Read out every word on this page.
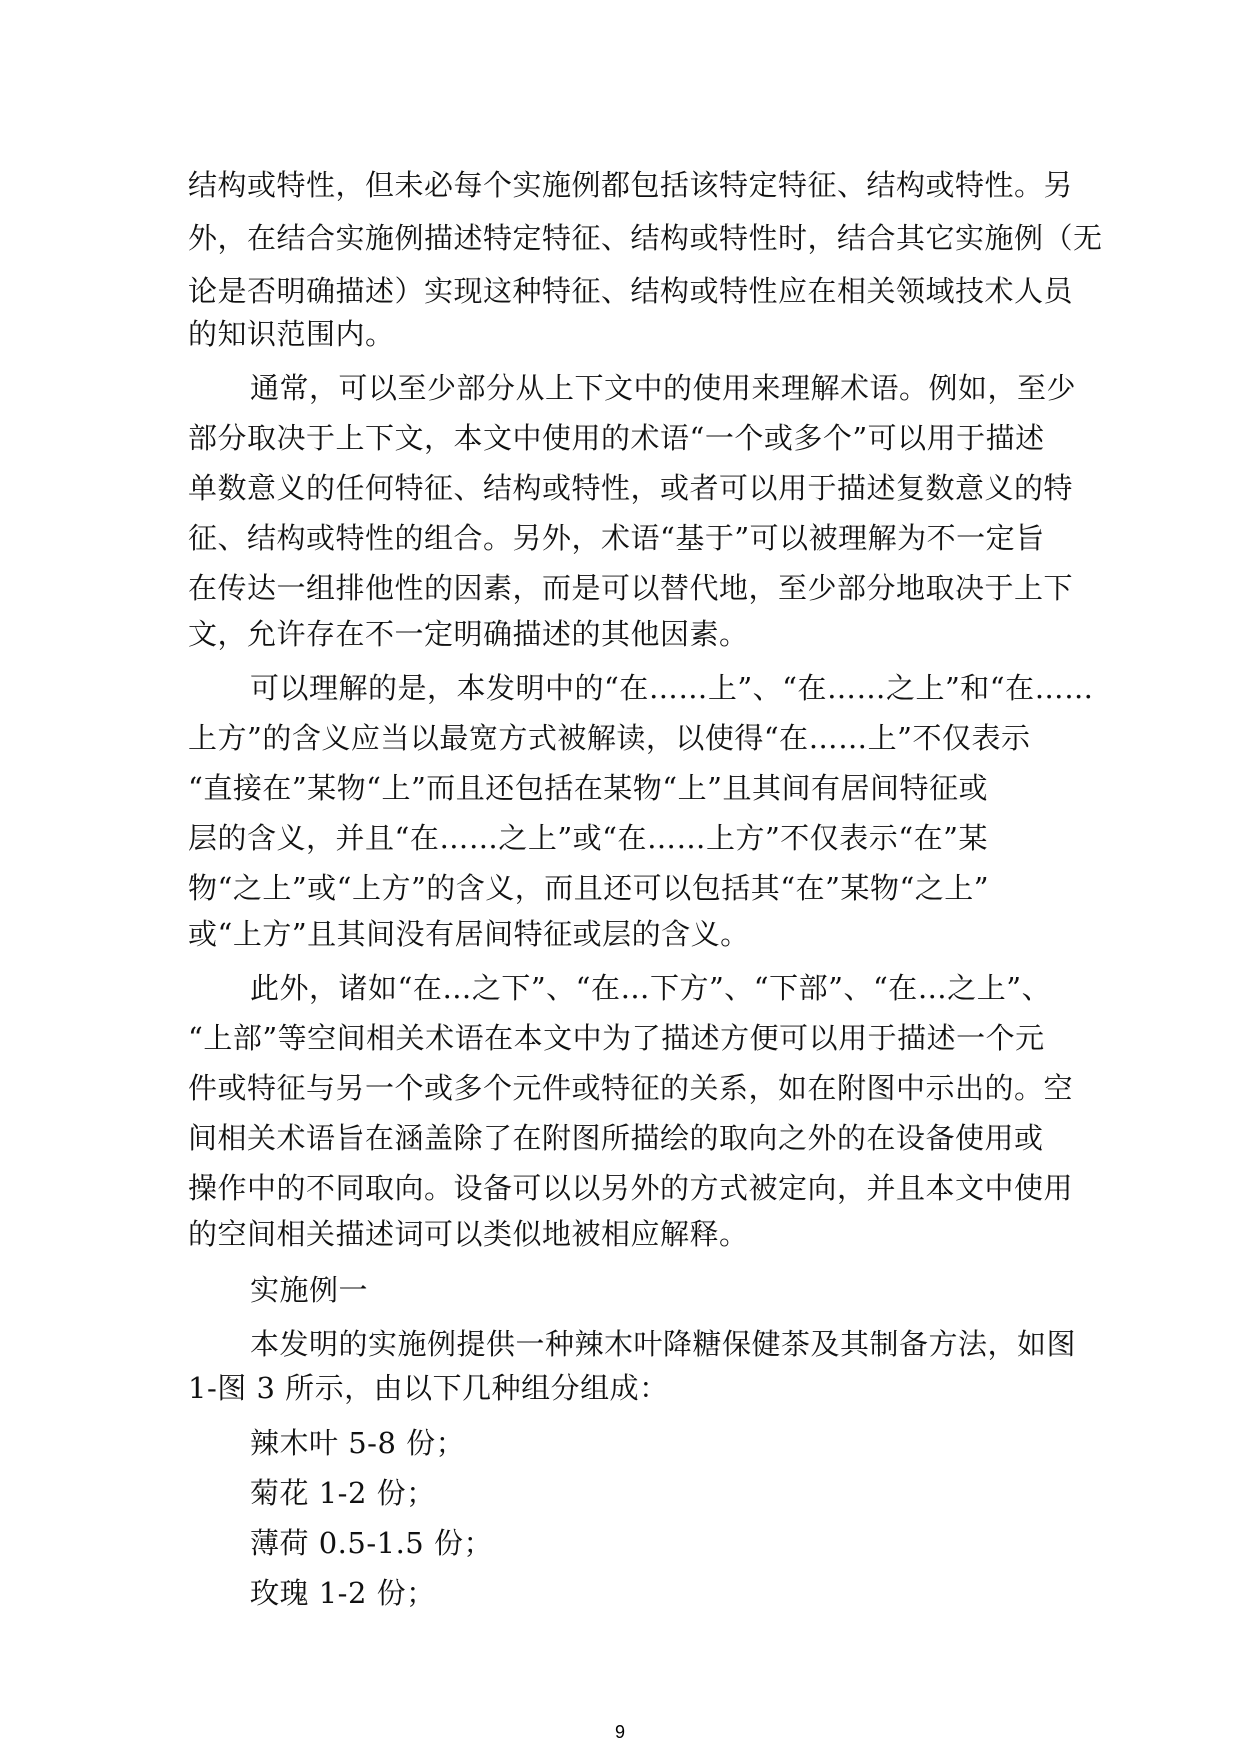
结构或特性，但未必每个实施例都包括该特定特征、结构或特性。另

外，在结合实施例描述特定特征、结构或特性时，结合其它实施例（无

论是否明确描述）实现这种特征、结构或特性应在相关领域技术人员

的知识范围内。

通常，可以至少部分从上下文中的使用来理解术语。例如，至少

部分取决于上下文，本文中使用的术语“一个或多个”可以用于描述

单数意义的任何特征、结构或特性，或者可以用于描述复数意义的特

征、结构或特性的组合。另外，术语“基于”可以被理解为不一定旨

在传达一组排他性的因素，而是可以替代地，至少部分地取决于上下

文，允许存在不一定明确描述的其他因素。

可以理解的是，本发明中的“在……上”、“在……之上”和“在……

上方”的含义应当以最宽方式被解读，以使得“在……上”不仅表示

“直接在”某物“上”而且还包括在某物“上”且其间有居间特征或

层的含义，并且“在……之上”或“在……上方”不仅表示“在”某

物“之上”或“上方”的含义，而且还可以包括其“在”某物“之上”

或“上方”且其间没有居间特征或层的含义。

此外，诸如“在…之下”、“在…下方”、“下部”、“在…之上”、

“上部”等空间相关术语在本文中为了描述方便可以用于描述一个元

件或特征与另一个或多个元件或特征的关系，如在附图中示出的。空

间相关术语旨在涵盖除了在附图所描绘的取向之外的在设备使用或

操作中的不同取向。设备可以以另外的方式被定向，并且本文中使用

的空间相关描述词可以类似地被相应解释。

实施例一

本发明的实施例提供一种辣木叶降糖保健茶及其制备方法，如图

1-图 3 所示，由以下几种组分组成：

辣木叶 5-8 份；

菊花 1-2 份；

薄荷 0.5-1.5 份；

玫瑰 1-2 份；

9
